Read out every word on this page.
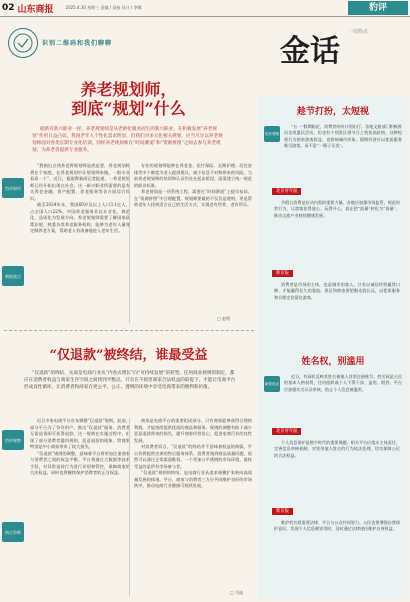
02 山东商报	2025.4.30 星期三 责编 / 责校 设计 / 李娜	豹评
识别二维码和我们聊聊
养老规划师，
到底“规划”什么
据新有新兴职业一样，养老规划师是从老龄化服务而生的新兴职业，在积极发展“养老规划”作用日益凸显。我国老年人个性化需求明显，但我们对多元化相关规划，应当尽早以养老规划师面对各类长期专业化培训，同样养老规划师在“时间赛道”和“资源拼图”之间去参与养老规划，为养老者提供专业服务。
豹评财经
新锐视点

“我指出点钱养老将规划师是底是要，养老规划师将在个家庭，在养老规划中让规划师来做，一般专业看看一个”。近日，据澎湃新闻记者报道，一养老规划师已经开始出现在社会。这一新兴职业所需要的是有关养老金融、资产配置、养老服务等各方面综合知识。

截至2024年末，我国60岁及以上人口3.1亿人，占全国人口22%。中国养老服务业以专业化、规范化、品质化为发展方向。养老规划师需要了解国家政策法规，熟悉各类养老服务机构，能够为老年人量身定制养老方案，帮助老人有准备地进入老年生活。

专业的规划师能够在养老金、医疗保险、长期护理、居住安排等多个维度为老人提供建议，减少信息不对称带来的风险。当前养老规划师的培训和认证仍处在起步阶段，亟需建立统一规范的职业标准。

养老规划是一项系统工程，需要在“时间赛道”上提早布局，在“资源拼图”中合理配置。规划师要做的不仅仅是理财，更是帮助老年人找到适合自己的生活方式，实现老有所养、老有所乐。

□ 赵明
“仅退款”被终结，谁最受益
“仅退款”的终结，实质是电商行业从“内卷式增长”向“可持续发展”的转型。任何商业规则的制定，都应在消费者权益与商家生存空间之间找到平衡点。只有在不损害商家合法权益的前提下，才能让电商平台形成良性循环，让消费者和商家在更公平、公正、透明的环境中享受电商带来的便利和价值。
豹评观察
热点争鸣

近日多家电商平台宣布调整“仅退款”规则。此前，部分平台为了争夺用户，推出“仅退款”服务，消费者无需退货即可获得退款。这一规则在实施过程中，出现了部分消费者滥用规则、恶意退款的现象，给商家特别是中小商家带来了较大损失。

“仅退款”规则的调整，意味着平台将更加注重商家与消费者之间的权益平衡。平台将通过大数据等技术手段，对异常退款行为进行识别和管控，保障商家的合法权益，同时也将继续保护消费者的正当权益。

商家是电商平台的重要组成部分。只有商家能够获得合理的利润，才能持续提供优质的商品和服务。规则的调整有助于减少恶意退款带来的损失，提升商家经营信心，促进电商行业的良性发展。

对消费者而言，“仅退款”的终结并不意味着权益的削弱。平台仍将提供完善的售后服务体系，消费者遇到商品质量问题，依然可以通过正常渠道维权。一个更加公平透明的市场环境，最终受益的是所有市场参与者。

“仅退款”规则的终结，是电商行业从追求规模扩张转向高质量发展的体现。平台、商家与消费者三方应共同维护良好的市场秩序，推动电商行业健康可持续发展。

□ 马迪
金话
一周热议
趁节打扮，太短视
豹评观察
“五一”假期临近，消费者纷纷计划出行。各地文旅部门积极推出各类惠民活动，但也有个别景区借节日之机抬高价格，这种短视行为损害游客权益，也影响城市形象。假期经济应以优质服务吸引游客，而不是“一锤子买卖”。
北京青年报
节假日消费是拉动内需的重要力量。各地应加强市场监管，规范经营行为，让游客花得放心、玩得开心，真正把“流量”转化为“留量”，推动文旅产业持续健康发展。
新京报
消费者是市场的主体，也是城市的客人。只有以诚信经营赢得口碑，才能赢得长久的客流。景区和商家要把眼光放长远，以优质服务和合理定价留住游客。
姓名权，别滥用
新锐视点
近日，有网民反映其姓名被他人冒用注册账号。姓名权是公民的基本人格权利，任何组织或个人不得干涉、盗用、假冒。平台应加强实名认证审核，防止个人信息被滥用。
北京青年报
个人信息保护是数字时代的重要课题。相关平台应落实主体责任，完善信息审核机制，对冒用他人姓名的行为依法处理，切实保障公民的合法权益。
新京报
维护姓名权需要法律、平台与公众共同努力。公民也要增强自我保护意识，发现个人信息被冒用时，及时通过法律途径维护自身权益。
